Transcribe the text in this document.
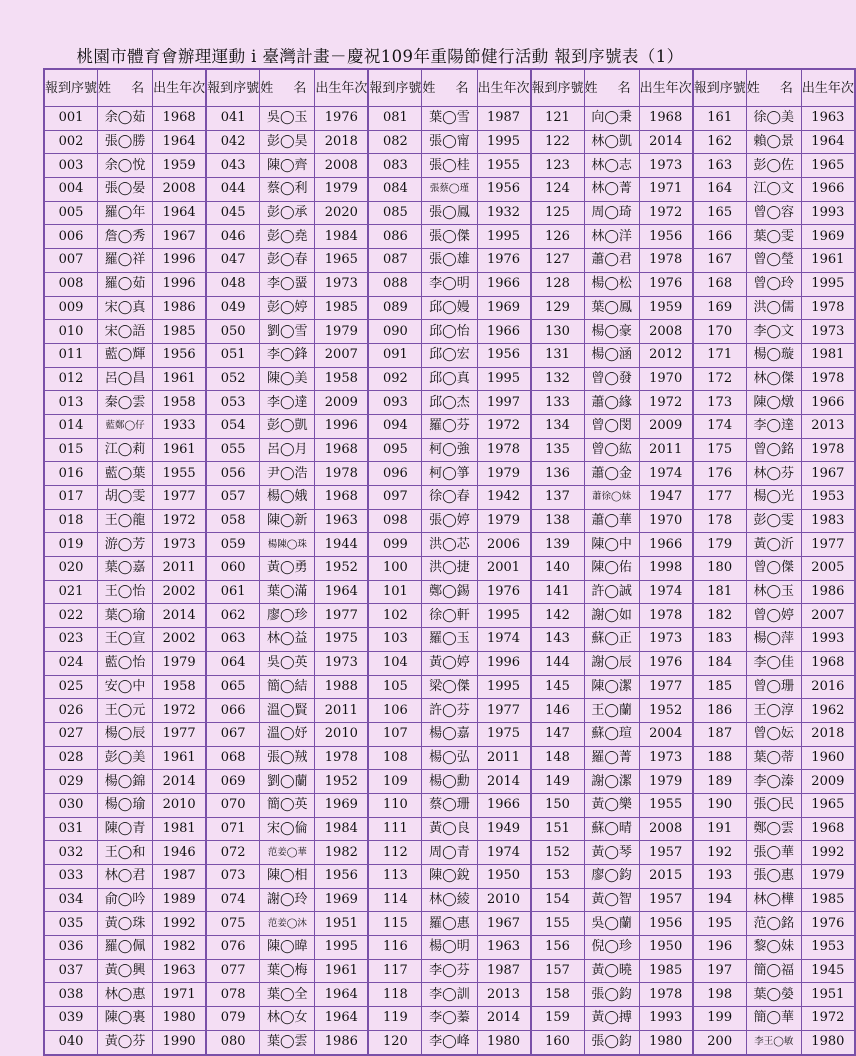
桃園市體育會辦理運動 i 臺灣計畫－慶祝109年重陽節健行活動 報到序號表（1）
報到序號	姓 名	出生年次	報到序號	姓 名	出生年次	報到序號	姓 名	出生年次	報到序號	姓 名	出生年次	報到序號	姓 名	出生年次
001	余◯茹	1968	041	吳◯玉	1976	081	葉◯雪	1987	121	向◯秉	1968	161	徐◯美	1963
002	張◯勝	1964	042	彭◯昊	2018	082	張◯甯	1995	122	林◯凱	2014	162	賴◯景	1964
003	余◯悅	1959	043	陳◯齊	2008	083	張◯桂	1955	123	林◯志	1973	163	彭◯佐	1965
004	張◯晏	2008	044	蔡◯利	1979	084	張蔡◯瑾	1956	124	林◯菁	1971	164	江◯文	1966
005	羅◯年	1964	045	彭◯承	2020	085	張◯鳳	1932	125	周◯琦	1972	165	曾◯容	1993
006	詹◯秀	1967	046	彭◯堯	1984	086	張◯傑	1995	126	林◯洋	1956	166	葉◯雯	1969
007	羅◯祥	1996	047	彭◯春	1965	087	張◯雄	1976	127	蕭◯君	1978	167	曾◯瑩	1961
008	羅◯茹	1996	048	李◯蝁	1973	088	李◯明	1966	128	楊◯松	1976	168	曾◯玲	1995
009	宋◯真	1986	049	彭◯婷	1985	089	邱◯嫚	1969	129	葉◯鳳	1959	169	洪◯儒	1978
010	宋◯語	1985	050	劉◯雪	1979	090	邱◯怡	1966	130	楊◯豪	2008	170	李◯文	1973
011	藍◯輝	1956	051	李◯鋒	2007	091	邱◯宏	1956	131	楊◯涵	2012	171	楊◯璇	1981
012	呂◯昌	1961	052	陳◯美	1958	092	邱◯真	1995	132	曾◯發	1970	172	林◯傑	1978
013	秦◯雲	1958	053	李◯達	2009	093	邱◯杰	1997	133	蕭◯緣	1972	173	陳◯燉	1966
014	藍鄭◯仔	1933	054	彭◯凱	1996	094	羅◯芬	1972	134	曾◯閔	2009	174	李◯達	2013
015	江◯莉	1961	055	呂◯月	1968	095	柯◯強	1978	135	曾◯紘	2011	175	曾◯銘	1978
016	藍◯葉	1955	056	尹◯浩	1978	096	柯◯箏	1979	136	蕭◯金	1974	176	林◯芬	1967
017	胡◯雯	1977	057	楊◯娥	1968	097	徐◯春	1942	137	蕭徐◯妹	1947	177	楊◯光	1953
018	王◯龍	1972	058	陳◯新	1963	098	張◯婷	1979	138	蕭◯華	1970	178	彭◯雯	1983
019	游◯芳	1973	059	楊陳◯珠	1944	099	洪◯芯	2006	139	陳◯中	1966	179	黃◯沂	1977
020	葉◯嘉	2011	060	黃◯勇	1952	100	洪◯捷	2001	140	陳◯佑	1998	180	曾◯傑	2005
021	王◯怡	2002	061	葉◯滿	1964	101	鄭◯錫	1976	141	許◯誠	1974	181	林◯玉	1986
022	葉◯瑜	2014	062	廖◯珍	1977	102	徐◯軒	1995	142	謝◯如	1978	182	曾◯婷	2007
023	王◯宣	2002	063	林◯益	1975	103	羅◯玉	1974	143	蘇◯正	1973	183	楊◯萍	1993
024	藍◯怡	1979	064	吳◯英	1973	104	黃◯婷	1996	144	謝◯辰	1976	184	李◯佳	1968
025	安◯中	1958	065	簡◯結	1988	105	梁◯傑	1995	145	陳◯潔	1977	185	曾◯珊	2016
026	王◯元	1972	066	溫◯賢	2011	106	許◯芬	1977	146	王◯蘭	1952	186	王◯淳	1962
027	楊◯辰	1977	067	溫◯妤	2010	107	楊◯嘉	1975	147	蘇◯瑄	2004	187	曾◯妘	2018
028	彭◯美	1961	068	張◯羢	1978	108	楊◯弘	2011	148	羅◯菁	1973	188	葉◯蒂	1960
029	楊◯錦	2014	069	劉◯蘭	1952	109	楊◯勳	2014	149	謝◯潔	1979	189	李◯溱	2009
030	楊◯瑜	2010	070	簡◯英	1969	110	蔡◯珊	1966	150	黃◯樂	1955	190	張◯民	1965
031	陳◯青	1981	071	宋◯倫	1984	111	黃◯良	1949	151	蘇◯晴	2008	191	鄭◯雲	1968
032	王◯和	1946	072	范姜◯華	1982	112	周◯青	1974	152	黃◯琴	1957	192	張◯華	1992
033	林◯君	1987	073	陳◯相	1956	113	陳◯銳	1950	153	廖◯鈞	2015	193	張◯惠	1979
034	俞◯吟	1989	074	謝◯玲	1969	114	林◯綾	2010	154	黃◯智	1957	194	林◯樺	1985
035	黃◯珠	1992	075	范姜◯沐	1951	115	羅◯惠	1967	155	吳◯蘭	1956	195	范◯銘	1976
036	羅◯佩	1982	076	陳◯暐	1995	116	楊◯明	1963	156	倪◯珍	1950	196	黎◯妹	1953
037	黃◯興	1963	077	葉◯梅	1961	117	李◯芬	1987	157	黃◯曉	1985	197	簡◯福	1945
038	林◯惠	1971	078	葉◯全	1964	118	李◯訓	2013	158	張◯鈞	1978	198	葉◯嫈	1951
039	陳◯裏	1980	079	林◯女	1964	119	李◯蓁	2014	159	黃◯搏	1993	199	簡◯華	1972
040	黃◯芬	1990	080	葉◯雲	1986	120	李◯峰	1980	160	張◯鈞	1980	200	李王◯敏	1980
